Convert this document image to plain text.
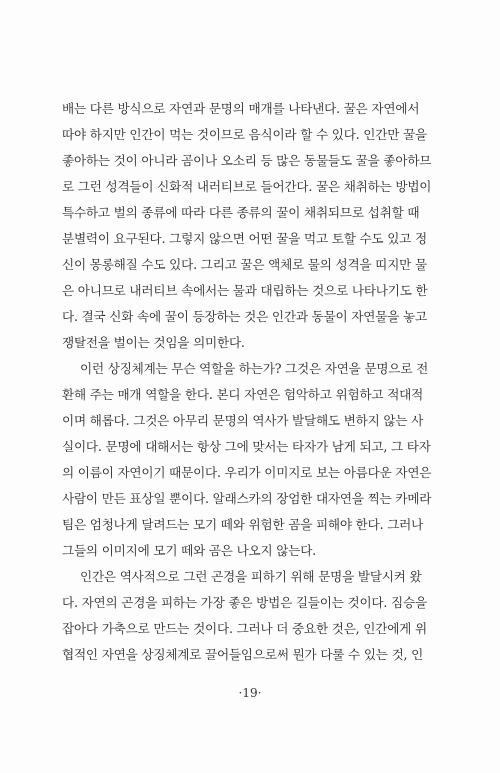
배는 다른 방식으로 자연과 문명의 매개를 나타낸다. 꿀은 자연에서
따야 하지만 인간이 먹는 것이므로 음식이라 할 수 있다. 인간만 꿀을
좋아하는 것이 아니라 곰이나 오소리 등 많은 동물들도 꿀을 좋아하므
로 그런 성격들이 신화적 내러티브로 들어간다. 꿀은 채취하는 방법이
특수하고 벌의 종류에 따라 다른 종류의 꿀이 채취되므로 섭취할 때
분별력이 요구된다. 그렇지 않으면 어떤 꿀을 먹고 토할 수도 있고 정
신이 몽롱해질 수도 있다. 그리고 꿀은 액체로 물의 성격을 띠지만 물
은 아니므로 내러티브 속에서는 물과 대립하는 것으로 나타나기도 한
다. 결국 신화 속에 꿀이 등장하는 것은 인간과 동물이 자연물을 놓고
쟁탈전을 벌이는 것임을 의미한다.
이런 상징체계는 무슨 역할을 하는가? 그것은 자연을 문명으로 전
환해 주는 매개 역할을 한다. 본디 자연은 험악하고 위험하고 적대적
이며 해롭다. 그것은 아무리 문명의 역사가 발달해도 변하지 않는 사
실이다. 문명에 대해서는 항상 그에 맞서는 타자가 남게 되고, 그 타자
의 이름이 자연이기 때문이다. 우리가 이미지로 보는 아름다운 자연은
사람이 만든 표상일 뿐이다. 알래스카의 장엄한 대자연을 찍는 카메라
팀은 엄청나게 달려드는 모기 떼와 위험한 곰을 피해야 한다. 그러나
그들의 이미지에 모기 떼와 곰은 나오지 않는다.
인간은 역사적으로 그런 곤경을 피하기 위해 문명을 발달시켜 왔
다. 자연의 곤경을 피하는 가장 좋은 방법은 길들이는 것이다. 짐승을
잡아다 가축으로 만드는 것이다. 그러나 더 중요한 것은, 인간에게 위
협적인 자연을 상징체계로 끌어들임으로써 뭔가 다룰 수 있는 것, 인
·19·
